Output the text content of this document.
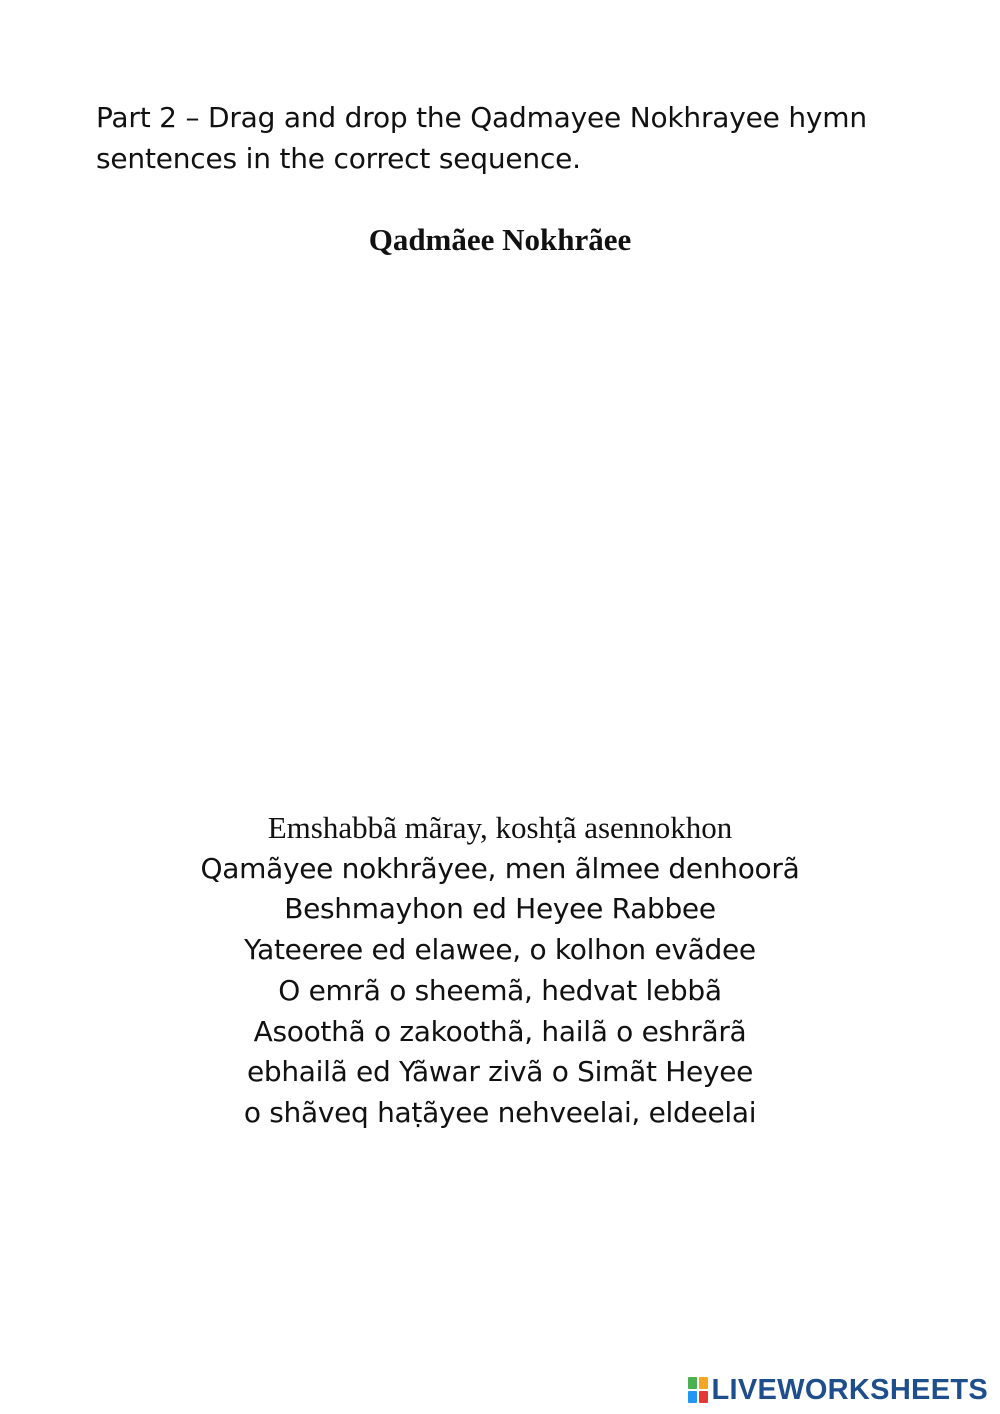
Part 2 – Drag and drop the Qadmayee Nokhrayee hymn sentences in the correct sequence.
Qadmãee Nokhrãee
Emshabbã mãray, koshṭã asennokhon
Qamãyee nokhrãyee, men ãlmee denhoorã
Beshmayhon ed Heyee Rabbee
Yateeree ed elawee, o kolhon evãdee
O emrã o sheemã, hedvat lebbã
Asoothã o zakoothã, hailã o eshrãrã
ebhailã ed Yãwar zivã o Simãt Heyee
o shãveq haṭãyee nehveelai, eldeelai
LIVEWORKSHEETS
